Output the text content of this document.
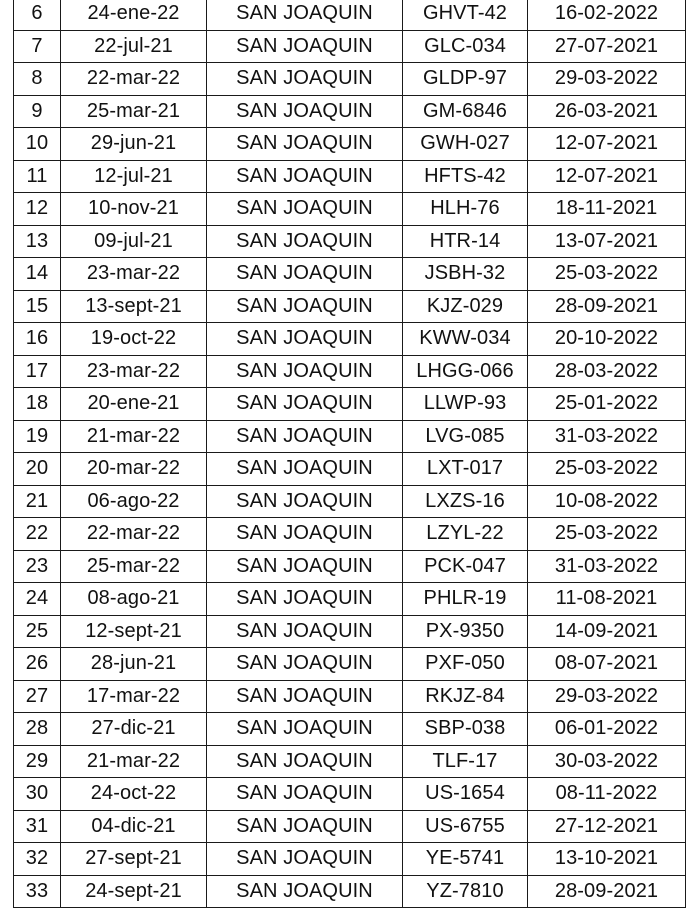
6	24-ene-22	SAN JOAQUIN	GHVT-42	16-02-2022
7	22-jul-21	SAN JOAQUIN	GLC-034	27-07-2021
8	22-mar-22	SAN JOAQUIN	GLDP-97	29-03-2022
9	25-mar-21	SAN JOAQUIN	GM-6846	26-03-2021
10	29-jun-21	SAN JOAQUIN	GWH-027	12-07-2021
11	12-jul-21	SAN JOAQUIN	HFTS-42	12-07-2021
12	10-nov-21	SAN JOAQUIN	HLH-76	18-11-2021
13	09-jul-21	SAN JOAQUIN	HTR-14	13-07-2021
14	23-mar-22	SAN JOAQUIN	JSBH-32	25-03-2022
15	13-sept-21	SAN JOAQUIN	KJZ-029	28-09-2021
16	19-oct-22	SAN JOAQUIN	KWW-034	20-10-2022
17	23-mar-22	SAN JOAQUIN	LHGG-066	28-03-2022
18	20-ene-21	SAN JOAQUIN	LLWP-93	25-01-2022
19	21-mar-22	SAN JOAQUIN	LVG-085	31-03-2022
20	20-mar-22	SAN JOAQUIN	LXT-017	25-03-2022
21	06-ago-22	SAN JOAQUIN	LXZS-16	10-08-2022
22	22-mar-22	SAN JOAQUIN	LZYL-22	25-03-2022
23	25-mar-22	SAN JOAQUIN	PCK-047	31-03-2022
24	08-ago-21	SAN JOAQUIN	PHLR-19	11-08-2021
25	12-sept-21	SAN JOAQUIN	PX-9350	14-09-2021
26	28-jun-21	SAN JOAQUIN	PXF-050	08-07-2021
27	17-mar-22	SAN JOAQUIN	RKJZ-84	29-03-2022
28	27-dic-21	SAN JOAQUIN	SBP-038	06-01-2022
29	21-mar-22	SAN JOAQUIN	TLF-17	30-03-2022
30	24-oct-22	SAN JOAQUIN	US-1654	08-11-2022
31	04-dic-21	SAN JOAQUIN	US-6755	27-12-2021
32	27-sept-21	SAN JOAQUIN	YE-5741	13-10-2021
33	24-sept-21	SAN JOAQUIN	YZ-7810	28-09-2021
